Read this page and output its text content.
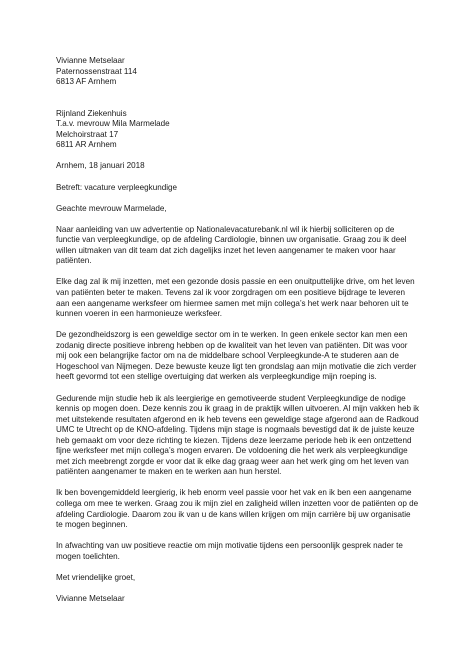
Vivianne Metselaar
Paternossenstraat 114
6813 AF Arnhem
Rijnland Ziekenhuis
T.a.v. mevrouw Mila Marmelade
Melchoirstraat 17
6811 AR Arnhem
Arnhem, 18 januari 2018
Betreft: vacature verpleegkundige
Geachte mevrouw Marmelade,
Naar aanleiding van uw advertentie op Nationalevacaturebank.nl wil ik hierbij solliciteren op de
functie van verpleegkundige, op de afdeling Cardiologie, binnen uw organisatie. Graag zou ik deel
willen uitmaken van dit team dat zich dagelijks inzet het leven aangenamer te maken voor haar
patiënten.
Elke dag zal ik mij inzetten, met een gezonde dosis passie en een onuitputtelijke drive, om het leven
van patiënten beter te maken. Tevens zal ik voor zorgdragen om een positieve bijdrage te leveren
aan een aangename werksfeer om hiermee samen met mijn collega’s het werk naar behoren uit te
kunnen voeren in een harmonieuze werksfeer.
De gezondheidszorg is een geweldige sector om in te werken. In geen enkele sector kan men een
zodanig directe positieve inbreng hebben op de kwaliteit van het leven van patiënten. Dit was voor
mij ook een belangrijke factor om na de middelbare school Verpleegkunde-A te studeren aan de
Hogeschool van Nijmegen. Deze bewuste keuze ligt ten grondslag aan mijn motivatie die zich verder
heeft gevormd tot een stellige overtuiging dat werken als verpleegkundige mijn roeping is.
Gedurende mijn studie heb ik als leergierige en gemotiveerde student Verpleegkundige de nodige
kennis op mogen doen. Deze kennis zou ik graag in de praktijk willen uitvoeren. Al mijn vakken heb ik
met uitstekende resultaten afgerond en ik heb tevens een geweldige stage afgerond aan de Radkoud
UMC te Utrecht op de KNO-afdeling. Tijdens mijn stage is nogmaals bevestigd dat ik de juiste keuze
heb gemaakt om voor deze richting te kiezen. Tijdens deze leerzame periode heb ik een ontzettend
fijne werksfeer met mijn collega’s mogen ervaren. De voldoening die het werk als verpleegkundige
met zich meebrengt zorgde er voor dat ik elke dag graag weer aan het werk ging om het leven van
patiënten aangenamer te maken en te werken aan hun herstel.
Ik ben bovengemiddeld leergierig, ik heb enorm veel passie voor het vak en ik ben een aangename
collega om mee te werken. Graag zou ik mijn ziel en zaligheid willen inzetten voor de patiënten op de
afdeling Cardiologie. Daarom zou ik van u de kans willen krijgen om mijn carrière bij uw organisatie
te mogen beginnen.
In afwachting van uw positieve reactie om mijn motivatie tijdens een persoonlijk gesprek nader te
mogen toelichten.
Met vriendelijke groet,
Vivianne Metselaar
